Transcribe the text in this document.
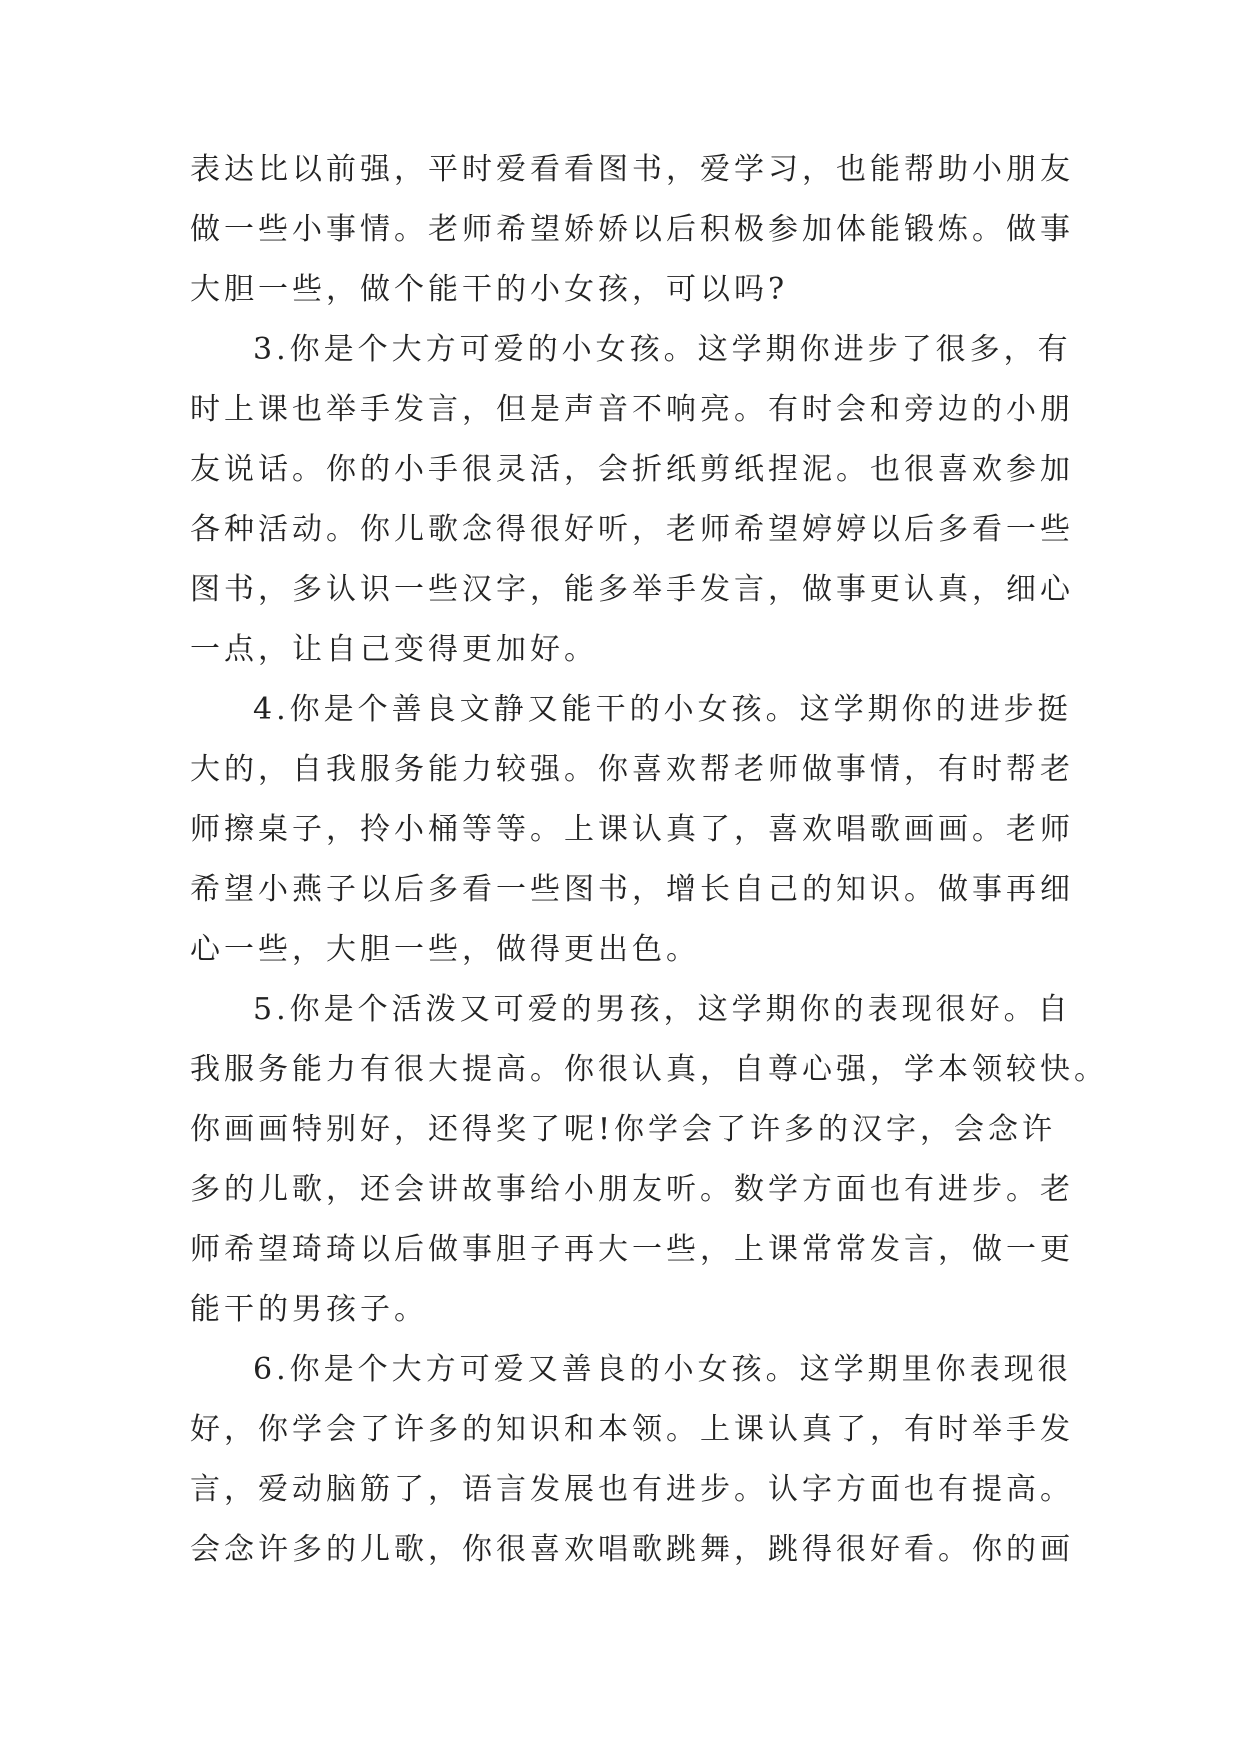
表达比以前强，平时爱看看图书，爱学习，也能帮助小朋友
做一些小事情。老师希望娇娇以后积极参加体能锻炼。做事
大胆一些，做个能干的小女孩，可以吗?
3.你是个大方可爱的小女孩。这学期你进步了很多，有
时上课也举手发言，但是声音不响亮。有时会和旁边的小朋
友说话。你的小手很灵活，会折纸剪纸捏泥。也很喜欢参加
各种活动。你儿歌念得很好听，老师希望婷婷以后多看一些
图书，多认识一些汉字，能多举手发言，做事更认真，细心
一点，让自己变得更加好。
4.你是个善良文静又能干的小女孩。这学期你的进步挺
大的，自我服务能力较强。你喜欢帮老师做事情，有时帮老
师擦桌子，拎小桶等等。上课认真了，喜欢唱歌画画。老师
希望小燕子以后多看一些图书，增长自己的知识。做事再细
心一些，大胆一些，做得更出色。
5.你是个活泼又可爱的男孩，这学期你的表现很好。自
我服务能力有很大提高。你很认真，自尊心强，学本领较快。
你画画特别好，还得奖了呢!你学会了许多的汉字，会念许
多的儿歌，还会讲故事给小朋友听。数学方面也有进步。老
师希望琦琦以后做事胆子再大一些，上课常常发言，做一更
能干的男孩子。
6.你是个大方可爱又善良的小女孩。这学期里你表现很
好，你学会了许多的知识和本领。上课认真了，有时举手发
言，爱动脑筋了，语言发展也有进步。认字方面也有提高。
会念许多的儿歌，你很喜欢唱歌跳舞，跳得很好看。你的画
